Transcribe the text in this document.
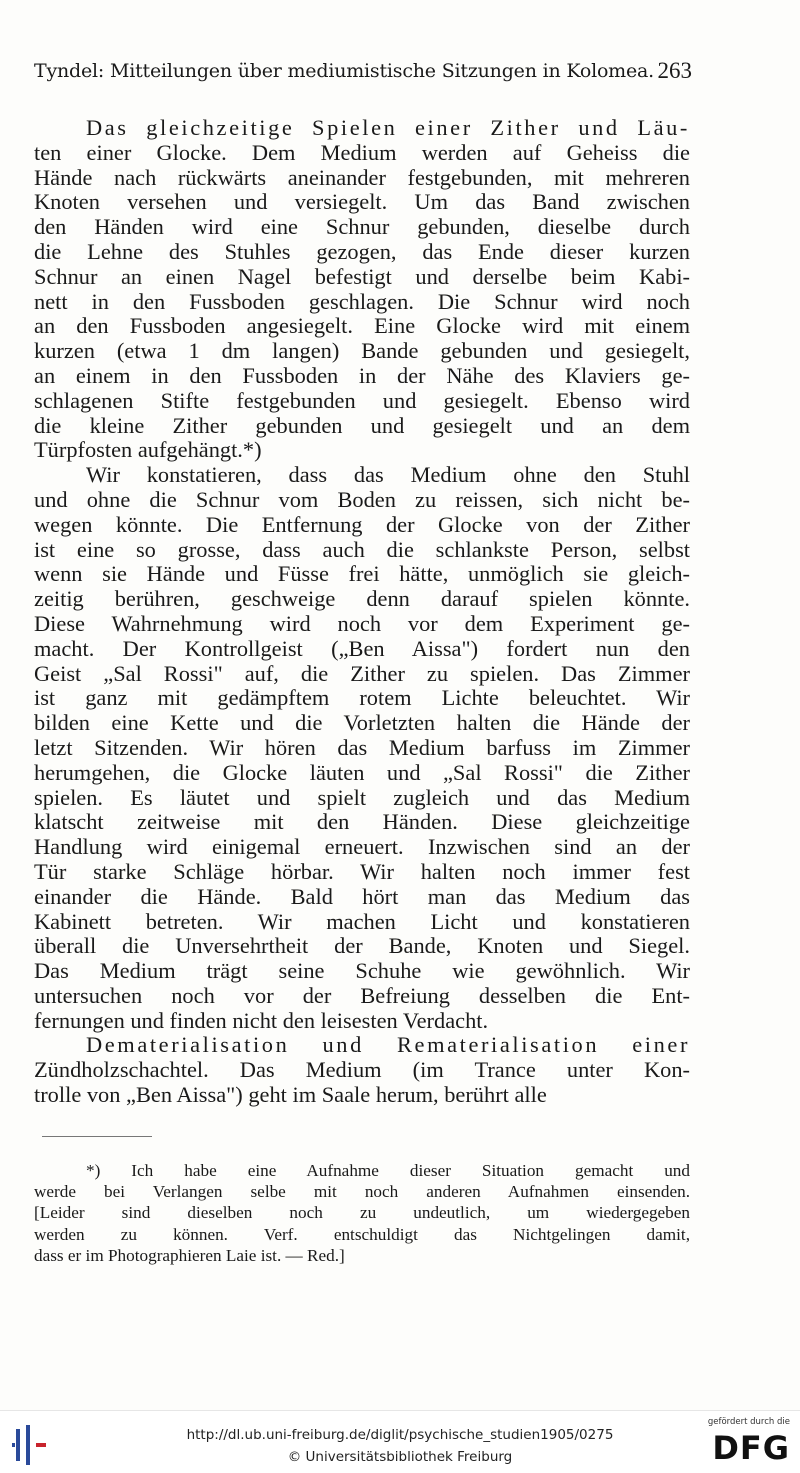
Tyndel: Mitteilungen über mediumistische Sitzungen in Kolomea. 263
Das gleichzeitige Spielen einer Zither und Läu-
ten einer Glocke. Dem Medium werden auf Geheiss die
Hände nach rückwärts aneinander festgebunden, mit mehreren
Knoten versehen und versiegelt. Um das Band zwischen
den Händen wird eine Schnur gebunden, dieselbe durch
die Lehne des Stuhles gezogen, das Ende dieser kurzen
Schnur an einen Nagel befestigt und derselbe beim Kabi-
nett in den Fussboden geschlagen. Die Schnur wird noch
an den Fussboden angesiegelt. Eine Glocke wird mit einem
kurzen (etwa 1 dm langen) Bande gebunden und gesiegelt,
an einem in den Fussboden in der Nähe des Klaviers ge-
schlagenen Stifte festgebunden und gesiegelt. Ebenso wird
die kleine Zither gebunden und gesiegelt und an dem
Türpfosten aufgehängt.*)
Wir konstatieren, dass das Medium ohne den Stuhl
und ohne die Schnur vom Boden zu reissen, sich nicht be-
wegen könnte. Die Entfernung der Glocke von der Zither
ist eine so grosse, dass auch die schlankste Person, selbst
wenn sie Hände und Füsse frei hätte, unmöglich sie gleich-
zeitig berühren, geschweige denn darauf spielen könnte.
Diese Wahrnehmung wird noch vor dem Experiment ge-
macht. Der Kontrollgeist („Ben Aissa") fordert nun den
Geist „Sal Rossi" auf, die Zither zu spielen. Das Zimmer
ist ganz mit gedämpftem rotem Lichte beleuchtet. Wir
bilden eine Kette und die Vorletzten halten die Hände der
letzt Sitzenden. Wir hören das Medium barfuss im Zimmer
herumgehen, die Glocke läuten und „Sal Rossi" die Zither
spielen. Es läutet und spielt zugleich und das Medium
klatscht zeitweise mit den Händen. Diese gleichzeitige
Handlung wird einigemal erneuert. Inzwischen sind an der
Tür starke Schläge hörbar. Wir halten noch immer fest
einander die Hände. Bald hört man das Medium das
Kabinett betreten. Wir machen Licht und konstatieren
überall die Unversehrtheit der Bande, Knoten und Siegel.
Das Medium trägt seine Schuhe wie gewöhnlich. Wir
untersuchen noch vor der Befreiung desselben die Ent-
fernungen und finden nicht den leisesten Verdacht.
Dematerialisation und Rematerialisation einer
Zündholzschachtel. Das Medium (im Trance unter Kon-
trolle von „Ben Aissa") geht im Saale herum, berührt alle
*) Ich habe eine Aufnahme dieser Situation gemacht und
werde bei Verlangen selbe mit noch anderen Aufnahmen einsenden.
[Leider sind dieselben noch zu undeutlich, um wiedergegeben
werden zu können. Verf. entschuldigt das Nichtgelingen damit,
dass er im Photographieren Laie ist. — Red.]
http://dl.ub.uni-freiburg.de/diglit/psychische_studien1905/0275
© Universitätsbibliothek Freiburg
gefördert durch die
DFG
